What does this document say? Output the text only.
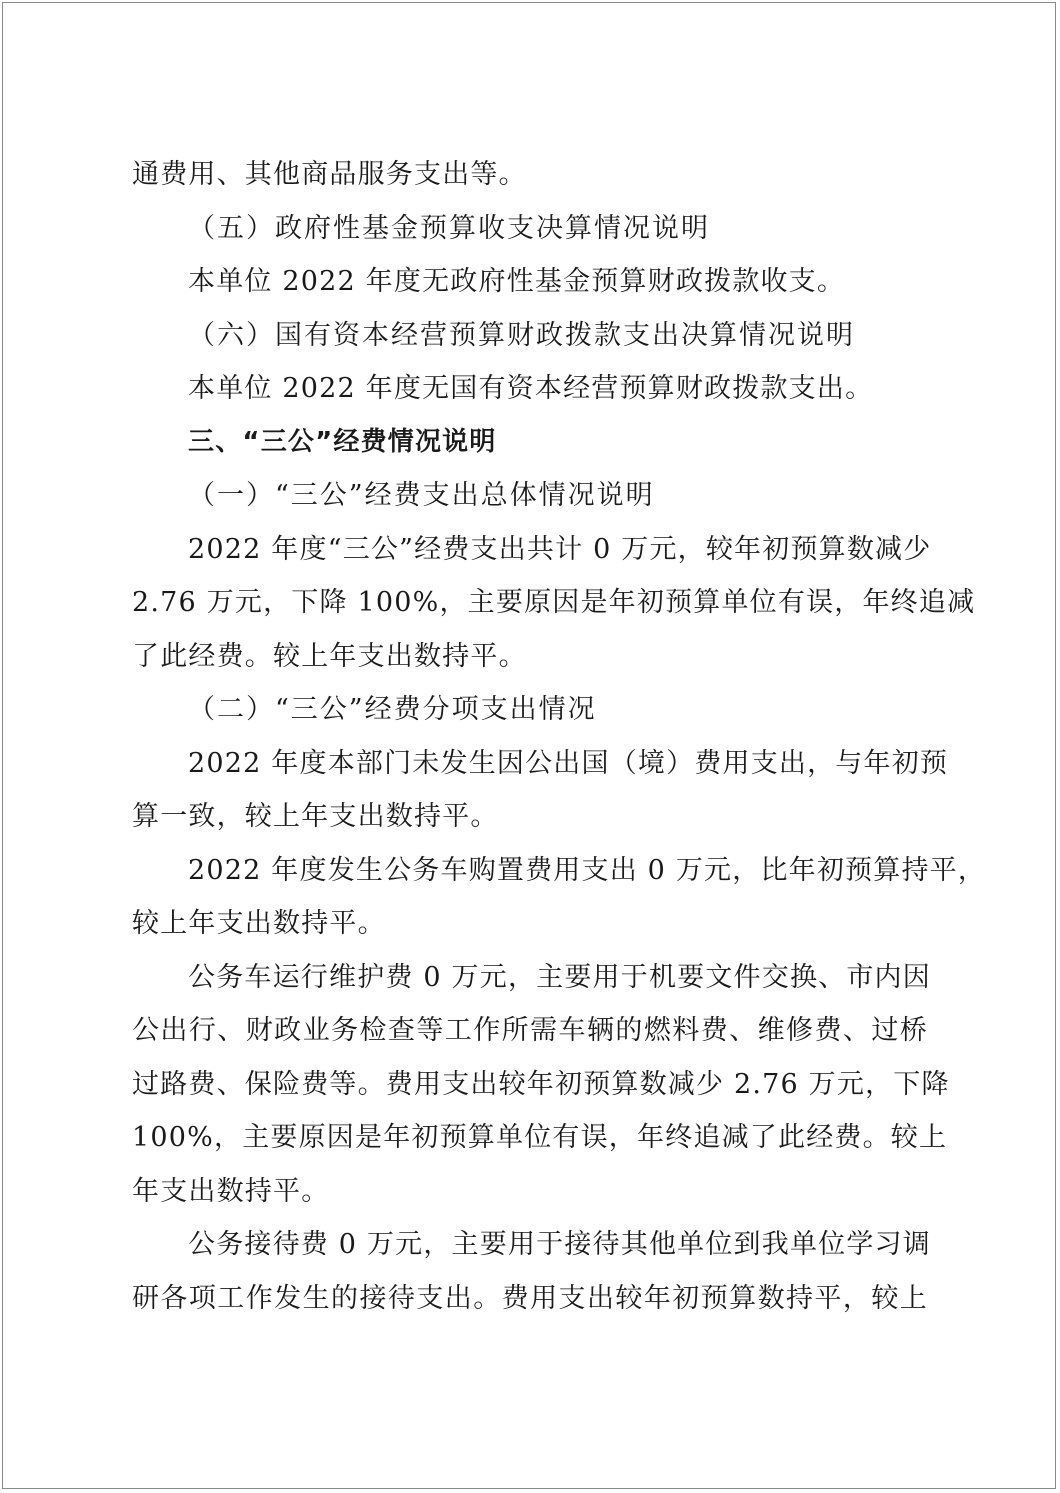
通费用、其他商品服务支出等。
（五）政府性基金预算收支决算情况说明
本单位 2022 年度无政府性基金预算财政拨款收支。
（六）国有资本经营预算财政拨款支出决算情况说明
本单位 2022 年度无国有资本经营预算财政拨款支出。
三、“三公”经费情况说明
（一）“三公”经费支出总体情况说明
2022 年度“三公”经费支出共计 0 万元，较年初预算数减少
2.76 万元，下降 100%，主要原因是年初预算单位有误，年终追减
了此经费。较上年支出数持平。
（二）“三公”经费分项支出情况
2022 年度本部门未发生因公出国（境）费用支出，与年初预
算一致，较上年支出数持平。
2022 年度发生公务车购置费用支出 0 万元，比年初预算持平，
较上年支出数持平。
公务车运行维护费 0 万元，主要用于机要文件交换、市内因
公出行、财政业务检查等工作所需车辆的燃料费、维修费、过桥
过路费、保险费等。费用支出较年初预算数减少 2.76 万元，下降
100%，主要原因是年初预算单位有误，年终追减了此经费。较上
年支出数持平。
公务接待费 0 万元，主要用于接待其他单位到我单位学习调
研各项工作发生的接待支出。费用支出较年初预算数持平，较上
